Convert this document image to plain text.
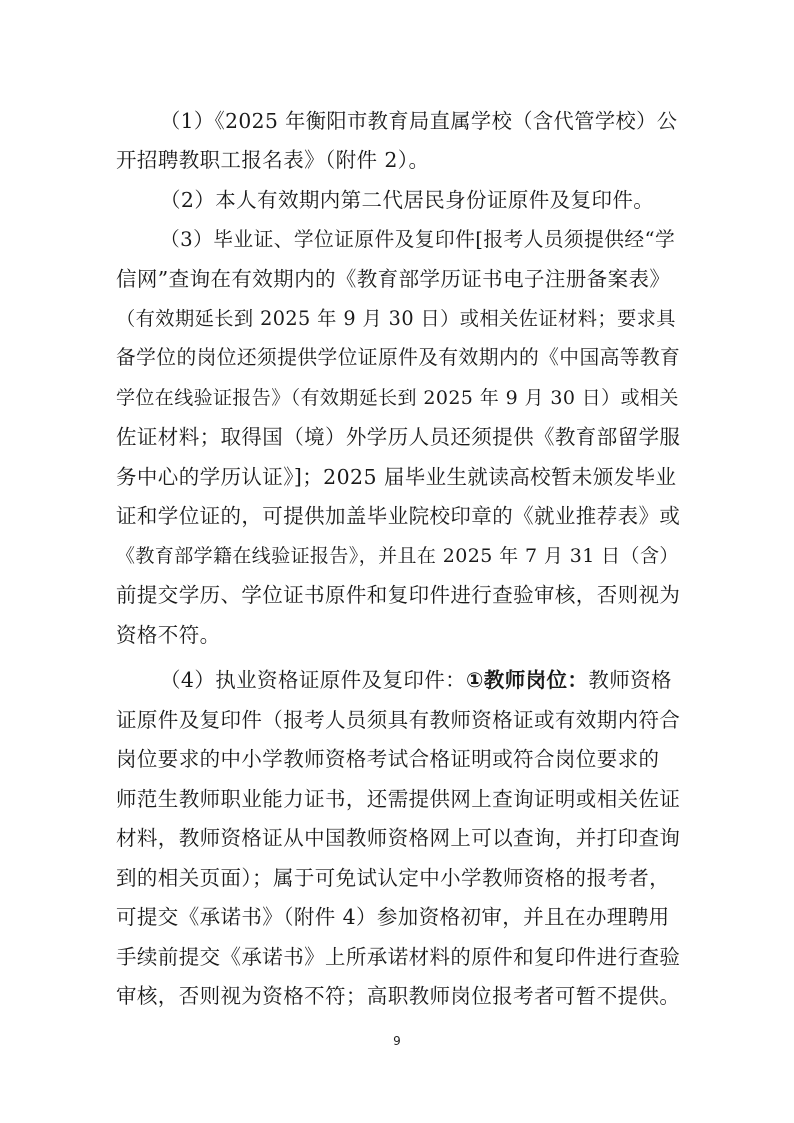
（1）《2025 年衡阳市教育局直属学校（含代管学校）公
开招聘教职工报名表》（附件 2）。
（2）本人有效期内第二代居民身份证原件及复印件。
（3）毕业证、学位证原件及复印件[报考人员须提供经“学
信网”查询在有效期内的《教育部学历证书电子注册备案表》
（有效期延长到 2025 年 9 月 30 日）或相关佐证材料；要求具
备学位的岗位还须提供学位证原件及有效期内的《中国高等教育
学位在线验证报告》（有效期延长到 2025 年 9 月 30 日）或相关
佐证材料；取得国（境）外学历人员还须提供《教育部留学服
务中心的学历认证》]；2025 届毕业生就读高校暂未颁发毕业
证和学位证的，可提供加盖毕业院校印章的《就业推荐表》或
《教育部学籍在线验证报告》，并且在 2025 年 7 月 31 日（含）
前提交学历、学位证书原件和复印件进行查验审核，否则视为
资格不符。
（4）执业资格证原件及复印件：①教师岗位：教师资格
证原件及复印件（报考人员须具有教师资格证或有效期内符合
岗位要求的中小学教师资格考试合格证明或符合岗位要求的
师范生教师职业能力证书，还需提供网上查询证明或相关佐证
材料，教师资格证从中国教师资格网上可以查询，并打印查询
到的相关页面）；属于可免试认定中小学教师资格的报考者，
可提交《承诺书》（附件 4）参加资格初审，并且在办理聘用
手续前提交《承诺书》上所承诺材料的原件和复印件进行查验
审核，否则视为资格不符；高职教师岗位报考者可暂不提供。
9
